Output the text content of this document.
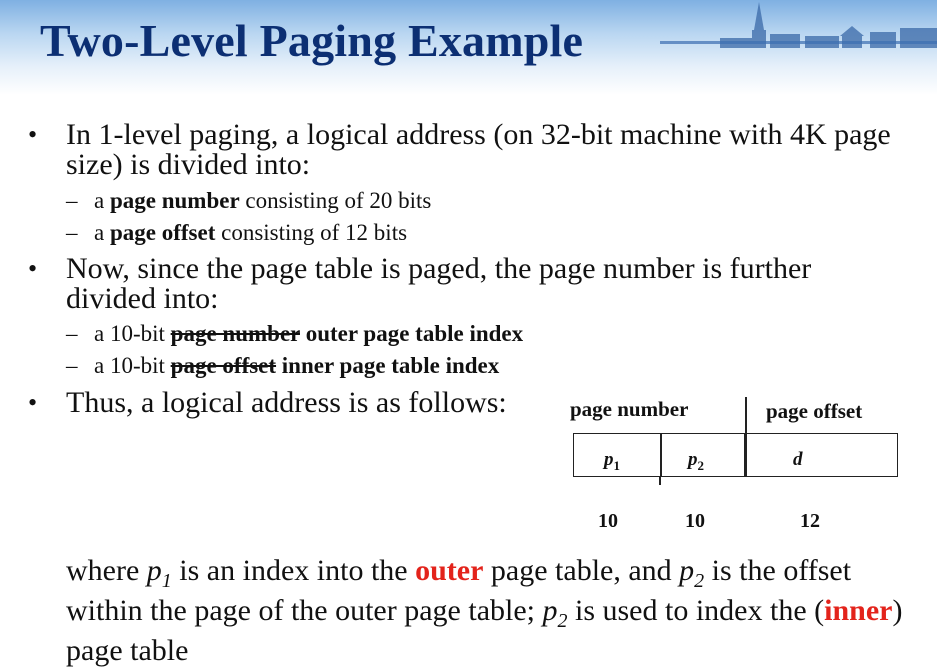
Two-Level Paging Example
• In 1-level paging, a logical address (on 32-bit machine with 4K page size) is divided into:
– a page number consisting of 20 bits
– a page offset consisting of 12 bits
• Now, since the page table is paged, the page number is further divided into:
– a 10-bit page number outer page table index
– a 10-bit page offset inner page table index
• Thus, a logical address is as follows:	page number	page offset
$p_1$	$p_2$	d
10	10	12
where $p_1$ is an index into the outer page table, and $p_2$ is the offset within the page of the outer page table; $p_2$ is used to index the (inner) page table
